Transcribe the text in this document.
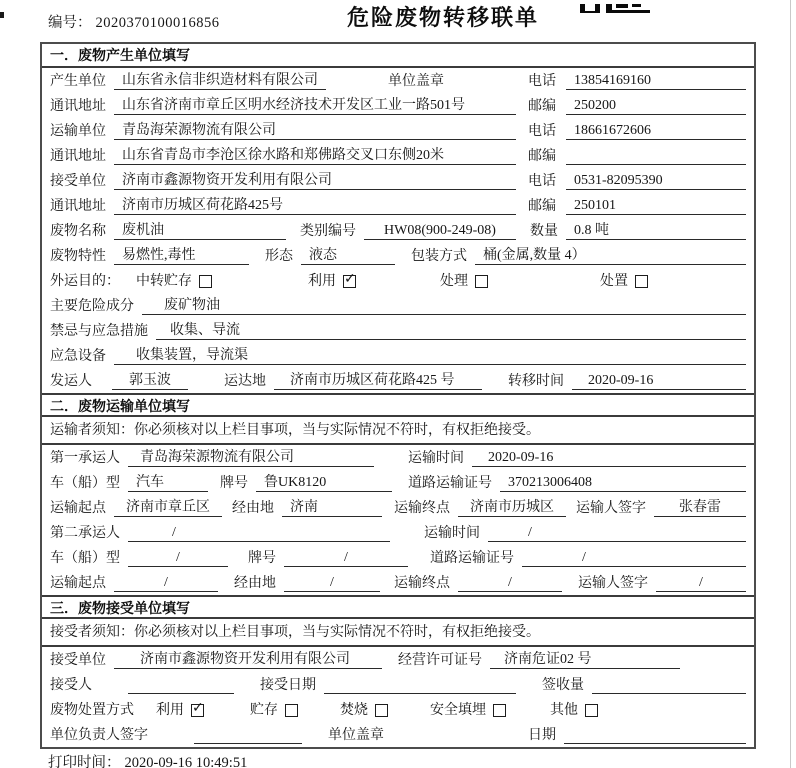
编号： 2020370100016856	危险废物转移联单
一．废物产生单位填写
产生单位	山东省永信非织造材料有限公司	单位盖章	电话	13854169160
通讯地址	山东省济南市章丘区明水经济技术开发区工业一路501号	邮编	250200
运输单位	青岛海荣源物流有限公司	电话	18661672606
通讯地址	山东省青岛市李沧区徐水路和郑佛路交叉口东侧20米	邮编
接受单位	济南市鑫源物资开发利用有限公司	电话	0531-82095390
通讯地址	济南市历城区荷花路425号	邮编	250101
废物名称	废机油	类别编号	HW08(900-249-08)	数量	0.8 吨
废物特性	易燃性,毒性	形态	液态	包装方式	桶(金属,数量 4）
外运目的： 中转贮存	利用 ✓	处理	处置
主要危险成分	废矿物油
禁忌与应急措施	收集、导流
应急设备	收集装置，导流渠
发运人	郭玉波	运达地	济南市历城区荷花路425 号	转移时间	2020-09-16
二．废物运输单位填写
运输者须知：你必须核对以上栏目事项，当与实际情况不符时，有权拒绝接受。
第一承运人	青岛海荣源物流有限公司	运输时间	2020-09-16
车（船）型	汽车	牌号	鲁UK8120	道路运输证号	370213006408
运输起点	济南市章丘区	经由地	济南	运输终点	济南市历城区	运输人签字	张春雷
第二承运人	/	运输时间	/
车（船）型	/	牌号	/	道路运输证号	/
运输起点	/	经由地	/	运输终点	/	运输人签字	/
三．废物接受单位填写
接受者须知：你必须核对以上栏目事项，当与实际情况不符时，有权拒绝接受。
接受单位	济南市鑫源物资开发利用有限公司	经营许可证号	济南危证02 号
接受人	接受日期	签收量
废物处置方式 利用 ✓	贮存	焚烧	安全填埋	其他
单位负责人签字	单位盖章	日期
打印时间： 2020-09-16 10:49:51
